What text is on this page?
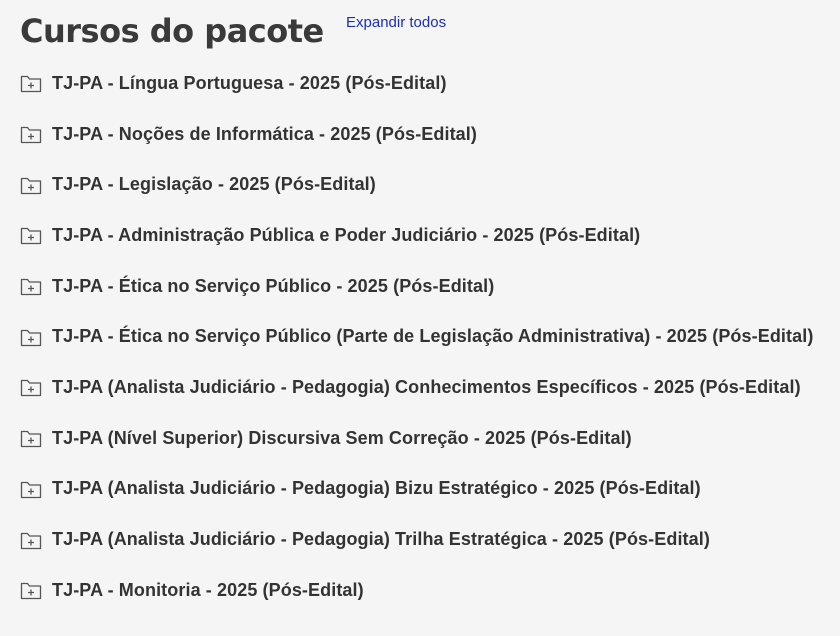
Cursos do pacote Expandir todos
TJ-PA - Língua Portuguesa - 2025 (Pós-Edital)
TJ-PA - Noções de Informática - 2025 (Pós-Edital)
TJ-PA - Legislação - 2025 (Pós-Edital)
TJ-PA - Administração Pública e Poder Judiciário - 2025 (Pós-Edital)
TJ-PA - Ética no Serviço Público - 2025 (Pós-Edital)
TJ-PA - Ética no Serviço Público (Parte de Legislação Administrativa) - 2025 (Pós-Edital)
TJ-PA (Analista Judiciário - Pedagogia) Conhecimentos Específicos - 2025 (Pós-Edital)
TJ-PA (Nível Superior) Discursiva Sem Correção - 2025 (Pós-Edital)
TJ-PA (Analista Judiciário - Pedagogia) Bizu Estratégico - 2025 (Pós-Edital)
TJ-PA (Analista Judiciário - Pedagogia) Trilha Estratégica - 2025 (Pós-Edital)
TJ-PA - Monitoria - 2025 (Pós-Edital)
